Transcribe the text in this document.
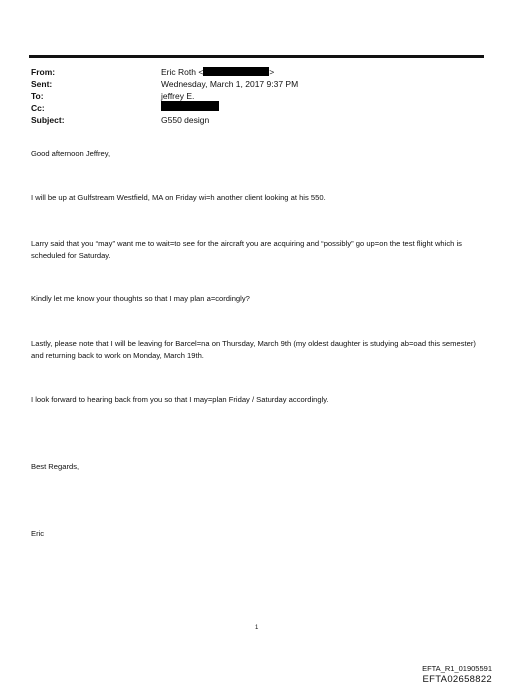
From:	Eric Roth <	>
Sent:	Wednesday, March 1, 2017 9:37 PM
To:	jeffrey E.
Cc:
Subject:	G550 design
Good afternoon Jeffrey,
I will be up at Gulfstream Westfield, MA on Friday wi=h another client looking at his 550.
Larry said that you “may” want me to wait=to see for the aircraft you are acquiring and “possibly” go up=on the test flight which is scheduled for Saturday.
Kindly let me know your thoughts so that I may plan a=cordingly?
Lastly, please note that I will be leaving for Barcel=na on Thursday, March 9th (my oldest daughter is studying ab=oad this semester) and returning back to work on Monday, March 19th.
I look forward to hearing back from you so that I may=plan Friday / Saturday accordingly.
Best Regards,
Eric
1
EFTA_R1_01905591
EFTA02658822
